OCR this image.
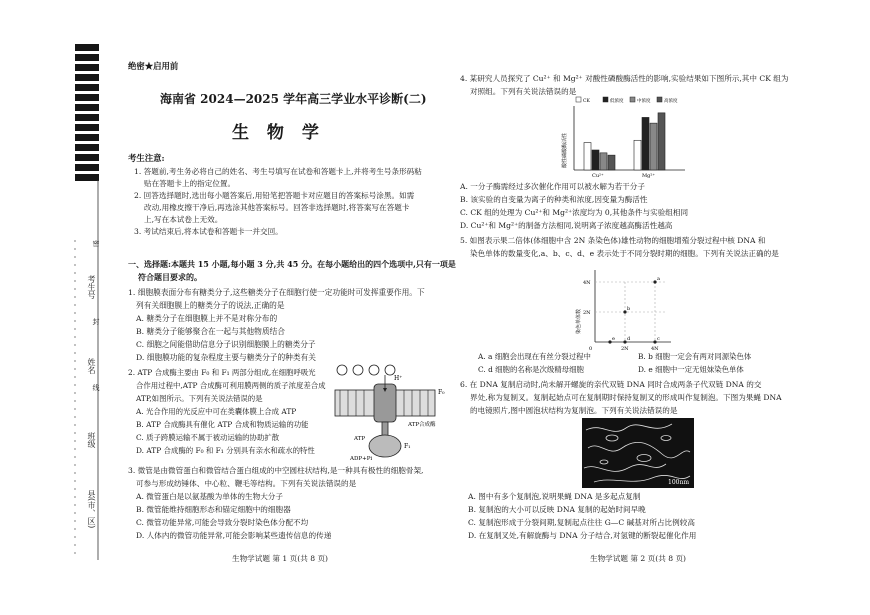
考生号
姓名
班级
县(市、区)
密
封
线
绝密★启用前
海南省 2024—2025 学年高三学业水平诊断(二)
生 物 学
考生注意:
1. 答题前,考生务必将自己的姓名、考生号填写在试卷和答题卡上,并将考生号条形码粘
贴在答题卡上的指定位置。
2. 回答选择题时,选出每小题答案后,用铅笔把答题卡对应题目的答案标号涂黑。如需
改动,用橡皮擦干净后,再选涂其他答案标号。回答非选择题时,将答案写在答题卡
上,写在本试卷上无效。
3. 考试结束后,将本试卷和答题卡一并交回。
一、选择题:本题共 15 小题,每小题 3 分,共 45 分。在每小题给出的四个选项中,只有一项是
符合题目要求的。
1. 细胞膜表面分布有糖类分子,这些糖类分子在细胞行使一定功能时可发挥重要作用。下
列有关细胞膜上的糖类分子的说法,正确的是
A. 糖类分子在细胞膜上并不是对称分布的
B. 糖类分子能够聚合在一起与其他物质结合
C. 细胞之间能借助信息分子识别细胞膜上的糖类分子
D. 细胞膜功能的复杂程度主要与糖类分子的种类有关
2. ATP 合成酶主要由 F₀ 和 F₁ 两部分组成,在细胞呼吸光
合作用过程中,ATP 合成酶可利用膜两侧的质子浓度差合成
ATP,如图所示。下列有关说法错误的是
A. 光合作用的光反应中可在类囊体膜上合成 ATP
B. ATP 合成酶具有催化 ATP 合成和物质运输的功能
C. 质子跨膜运输不属于被动运输的协助扩散
D. ATP 合成酶的 F₀ 和 F₁ 分别具有亲水和疏水的特性
F₀
F₁
H⁺
ATP合成酶
ADP+Pi
ATP
3. 微管是由微管蛋白和微管结合蛋白组成的中空圆柱状结构,是一种具有极性的细胞骨架,
可参与形成纺锤体、中心粒、鞭毛等结构。下列有关说法错误的是
A. 微管蛋白是以氨基酸为单体的生物大分子
B. 微管能维持细胞形态和锚定细胞中的细胞器
C. 微管功能异常,可能会导致分裂时染色体分配不均
D. 人体内的微管功能异常,可能会影响某些遗传信息的传递
生物学试题 第 1 页(共 8 页)
4. 某研究人员探究了 Cu²⁺ 和 Mg²⁺ 对酸性磷酸酶活性的影响,实验结果如下图所示,其中 CK 组为
对照组。下列有关说法错误的是
CK	低浓度	中浓度	高浓度
酸性磷酸酶活性
Cu²⁺	Mg²⁺
A. 一分子酶需经过多次催化作用可以被水解为若干分子
B. 该实验的自变量为离子的种类和浓度,因变量为酶活性
C. CK 组的处理为 Cu²⁺和 Mg²⁺浓度均为 0,其他条件与实验组相同
D. Cu²⁺和 Mg²⁺的制备方法相同,说明离子浓度越高酶活性越高
5. 如图表示果二倍体(体细胞中含 2N 条染色体)雄性动物的细胞增殖分裂过程中核 DNA 和
染色单体的数量变化,a、b、c、d、e 表示处于不同分裂时期的细胞。下列有关说法正确的是
4N
2N
0	2N	4N
染色单体数
a
b
c
d
e
A. a 细胞会出现在有丝分裂过程中	B. b 细胞一定会有两对同源染色体
C. d 细胞的名称是次级精母细胞	D. e 细胞中一定无姐妹染色单体
6. 在 DNA 复制启动时,尚未解开螺旋的亲代双链 DNA 同时合成两条子代双链 DNA 的交
界处,称为复制叉。复制起始点可在复制期时保持复制叉的形成叫作复制泡。下图为果蝇 DNA
的电镜照片,图中圆泡状结构为复制泡。下列有关说法错误的是
100nm
A. 图中有多个复制泡,说明果蝇 DNA 是多起点复制
B. 复制泡的大小可以反映 DNA 复制的起始时间早晚
C. 复制泡形成于分裂间期,复制起点往往 G—C 碱基对所占比例较高
D. 在复制叉处,有解旋酶与 DNA 分子结合,对氢键的断裂起催化作用
生物学试题 第 2 页(共 8 页)
